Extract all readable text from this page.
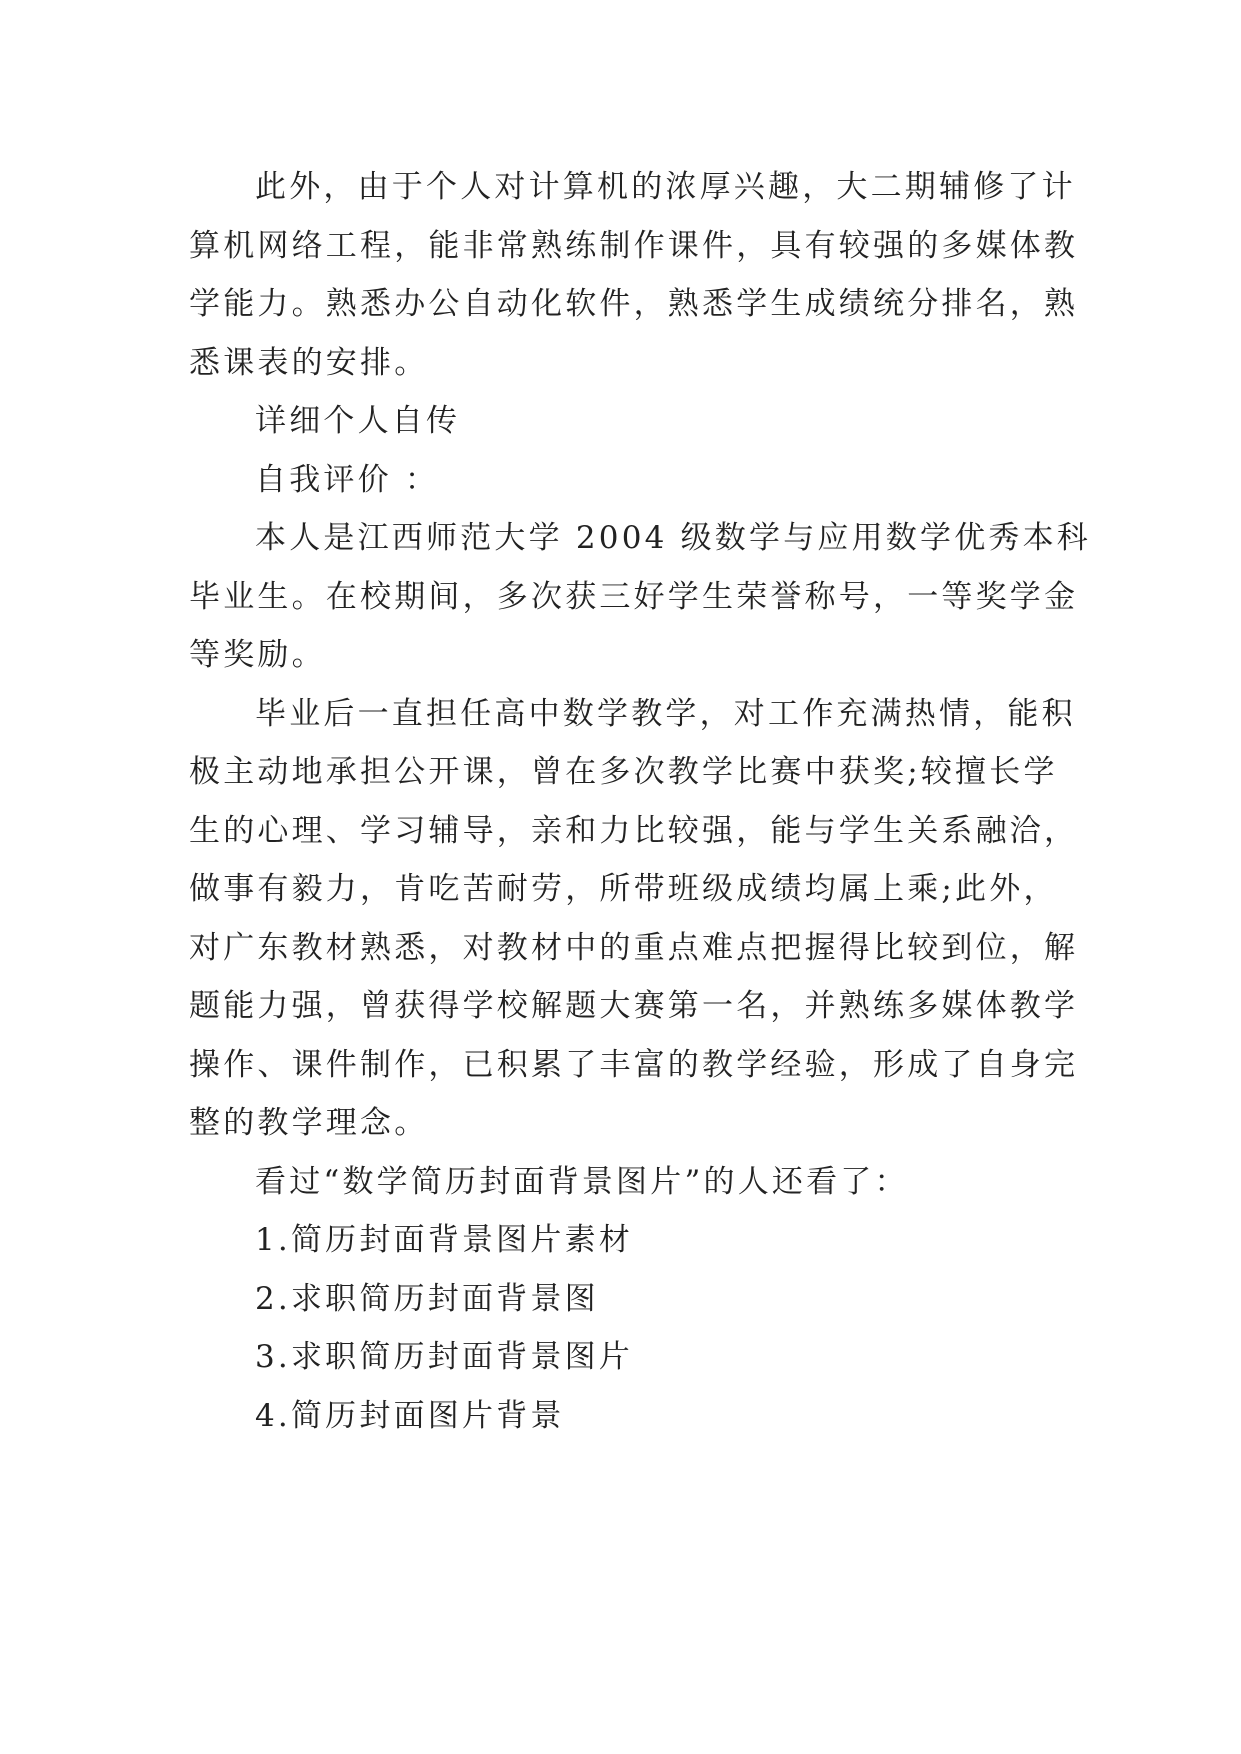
此外，由于个人对计算机的浓厚兴趣，大二期辅修了计
算机网络工程，能非常熟练制作课件，具有较强的多媒体教
学能力。熟悉办公自动化软件，熟悉学生成绩统分排名，熟
悉课表的安排。
详细个人自传
自我评价 ：
本人是江西师范大学 2004 级数学与应用数学优秀本科
毕业生。在校期间，多次获三好学生荣誉称号，一等奖学金
等奖励。
毕业后一直担任高中数学教学，对工作充满热情，能积
极主动地承担公开课，曾在多次教学比赛中获奖;较擅长学
生的心理、学习辅导，亲和力比较强，能与学生关系融洽，
做事有毅力，肯吃苦耐劳，所带班级成绩均属上乘;此外，
对广东教材熟悉，对教材中的重点难点把握得比较到位，解
题能力强，曾获得学校解题大赛第一名，并熟练多媒体教学
操作、课件制作，已积累了丰富的教学经验，形成了自身完
整的教学理念。
看过“数学简历封面背景图片”的人还看了：
1.简历封面背景图片素材
2.求职简历封面背景图
3.求职简历封面背景图片
4.简历封面图片背景
